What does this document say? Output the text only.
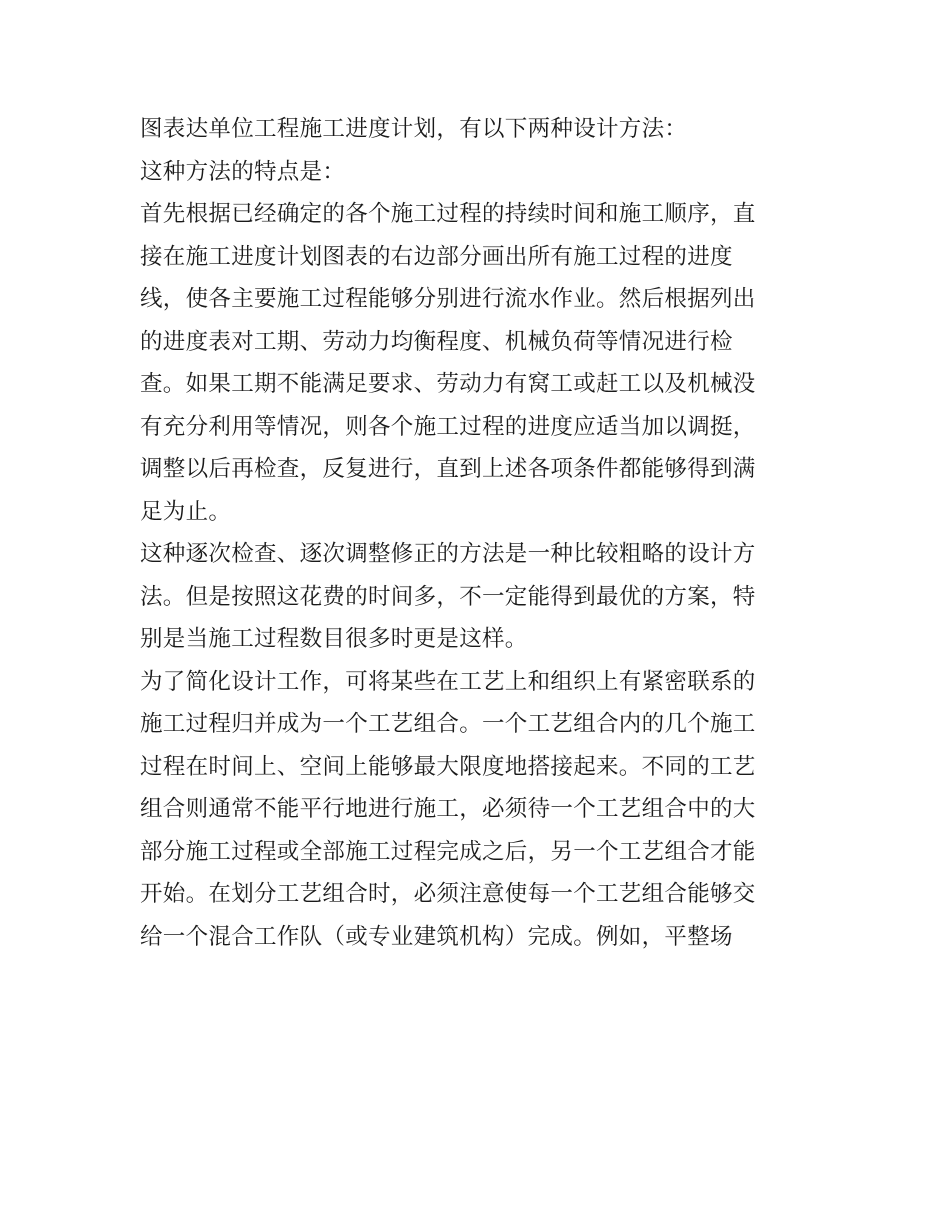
图表达单位工程施工进度计划，有以下两种设计方法：
这种方法的特点是：
首先根据已经确定的各个施工过程的持续时间和施工顺序，直
接在施工进度计划图表的右边部分画出所有施工过程的进度
线，使各主要施工过程能够分别进行流水作业。然后根据列出
的进度表对工期、劳动力均衡程度、机械负荷等情况进行检
查。如果工期不能满足要求、劳动力有窝工或赶工以及机械没
有充分利用等情况，则各个施工过程的进度应适当加以调挺，
调整以后再检查，反复进行，直到上述各项条件都能够得到满
足为止。
这种逐次检查、逐次调整修正的方法是一种比较粗略的设计方
法。但是按照这花费的时间多，不一定能得到最优的方案，特
别是当施工过程数目很多时更是这样。
为了简化设计工作，可将某些在工艺上和组织上有紧密联系的
施工过程归并成为一个工艺组合。一个工艺组合内的几个施工
过程在时间上、空间上能够最大限度地搭接起来。不同的工艺
组合则通常不能平行地进行施工，必须待一个工艺组合中的大
部分施工过程或全部施工过程完成之后，另一个工艺组合才能
开始。在划分工艺组合时，必须注意使每一个工艺组合能够交
给一个混合工作队（或专业建筑机构）完成。例如，平整场
